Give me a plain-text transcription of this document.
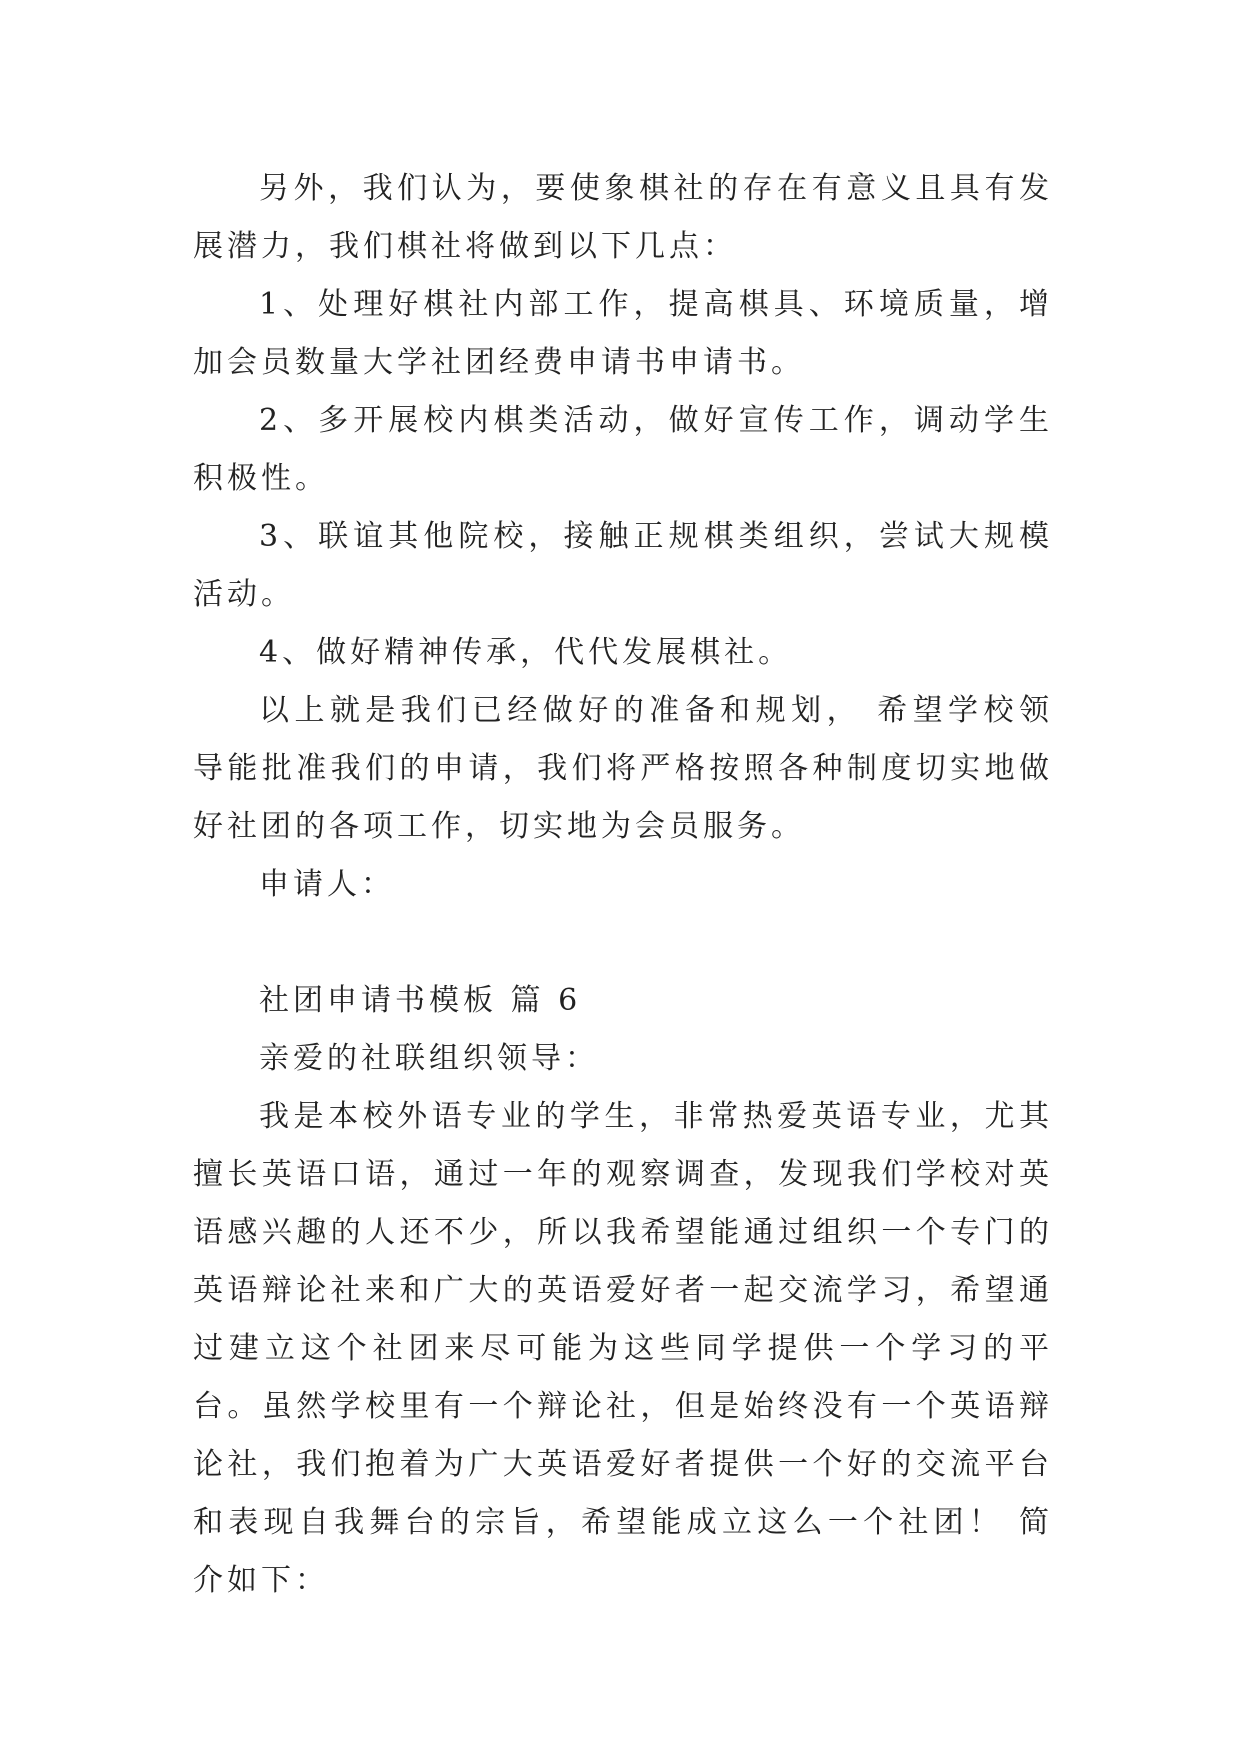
另外，我们认为，要使象棋社的存在有意义且具有发展潜力，我们棋社将做到以下几点：

1、处理好棋社内部工作，提高棋具、环境质量，增加会员数量大学社团经费申请书申请书。

2、多开展校内棋类活动，做好宣传工作，调动学生积极性。

3、联谊其他院校，接触正规棋类组织，尝试大规模活动。

4、做好精神传承，代代发展棋社。

以上就是我们已经做好的准备和规划， 希望学校领导能批准我们的申请，我们将严格按照各种制度切实地做好社团的各项工作，切实地为会员服务。

申请人：

社团申请书模板 篇 6

亲爱的社联组织领导：

我是本校外语专业的学生，非常热爱英语专业，尤其擅长英语口语，通过一年的观察调查，发现我们学校对英语感兴趣的人还不少，所以我希望能通过组织一个专门的英语辩论社来和广大的英语爱好者一起交流学习，希望通过建立这个社团来尽可能为这些同学提供一个学习的平台。虽然学校里有一个辩论社，但是始终没有一个英语辩论社，我们抱着为广大英语爱好者提供一个好的交流平台和表现自我舞台的宗旨，希望能成立这么一个社团！ 简介如下：
